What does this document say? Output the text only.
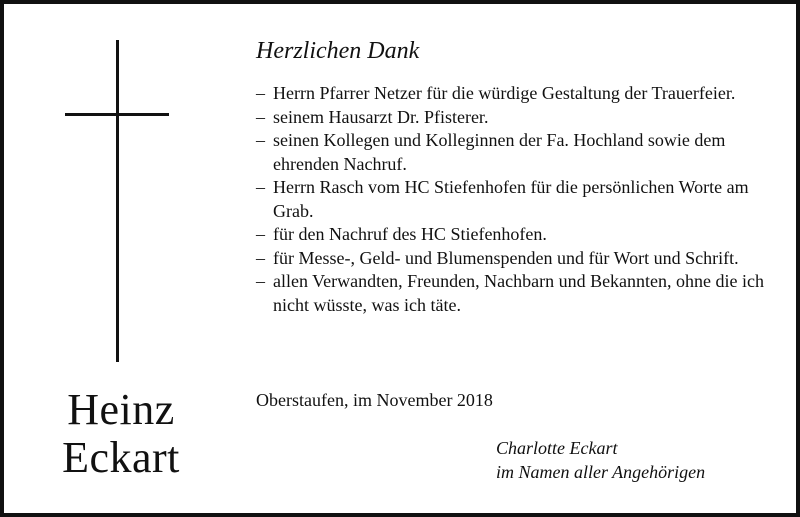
Heinz
Eckart
Herzlichen Dank
– Herrn Pfarrer Netzer für die würdige Gestaltung der Trauerfeier.
– seinem Hausarzt Dr. Pfisterer.
– seinen Kollegen und Kolleginnen der Fa. Hochland sowie dem ehrenden Nachruf.
– Herrn Rasch vom HC Stiefenhofen für die persönlichen Worte am Grab.
– für den Nachruf des HC Stiefenhofen.
– für Messe-, Geld- und Blumenspenden und für Wort und Schrift.
– allen Verwandten, Freunden, Nachbarn und Bekannten, ohne die ich nicht wüsste, was ich täte.
Oberstaufen, im November 2018
Charlotte Eckart
im Namen aller Angehörigen
